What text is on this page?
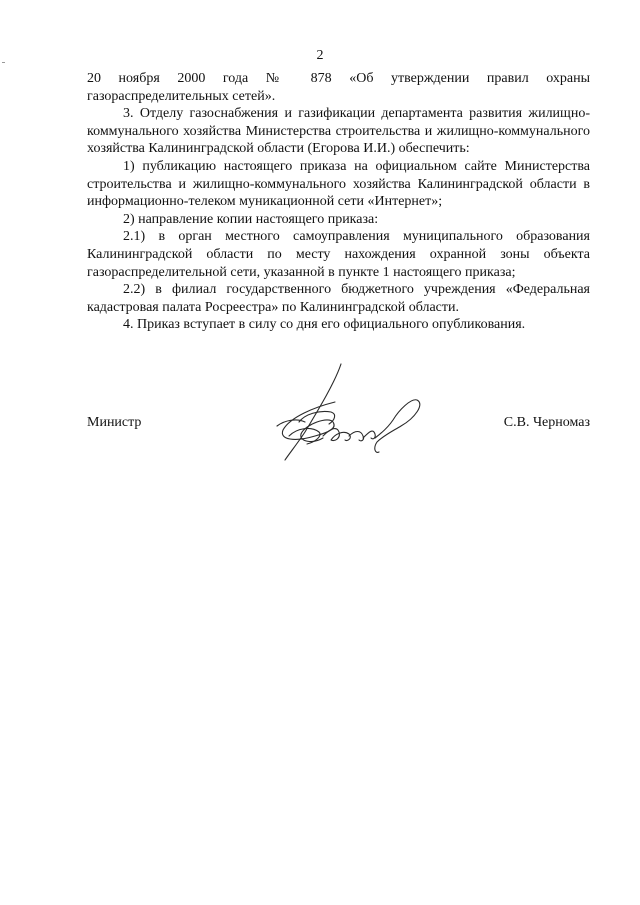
2

20 ноября 2000 года № 878 «Об утверждении правил охраны

газораспределительных сетей».

3. Отделу газоснабжения и газификации департамента развития жилищно-коммунального хозяйства Министерства строительства и жилищно-коммунального хозяйства Калининградской области (Егорова И.И.) обеспечить:

1) публикацию настоящего приказа на официальном сайте Министерства строительства и жилищно-коммунального хозяйства Калининградской области в информационно-телеком муникационной сети «Интернет»;

2) направление копии настоящего приказа:

2.1) в орган местного самоуправления муниципального образования Калининградской области по месту нахождения охранной зоны объекта газораспределительной сети, указанной в пункте 1 настоящего приказа;

2.2) в филиал государственного бюджетного учреждения «Федеральная кадастровая палата Росреестра» по Калининградской области.

4. Приказ вступает в силу со дня его официального опубликования.

Министр	С.В. Черномаз
